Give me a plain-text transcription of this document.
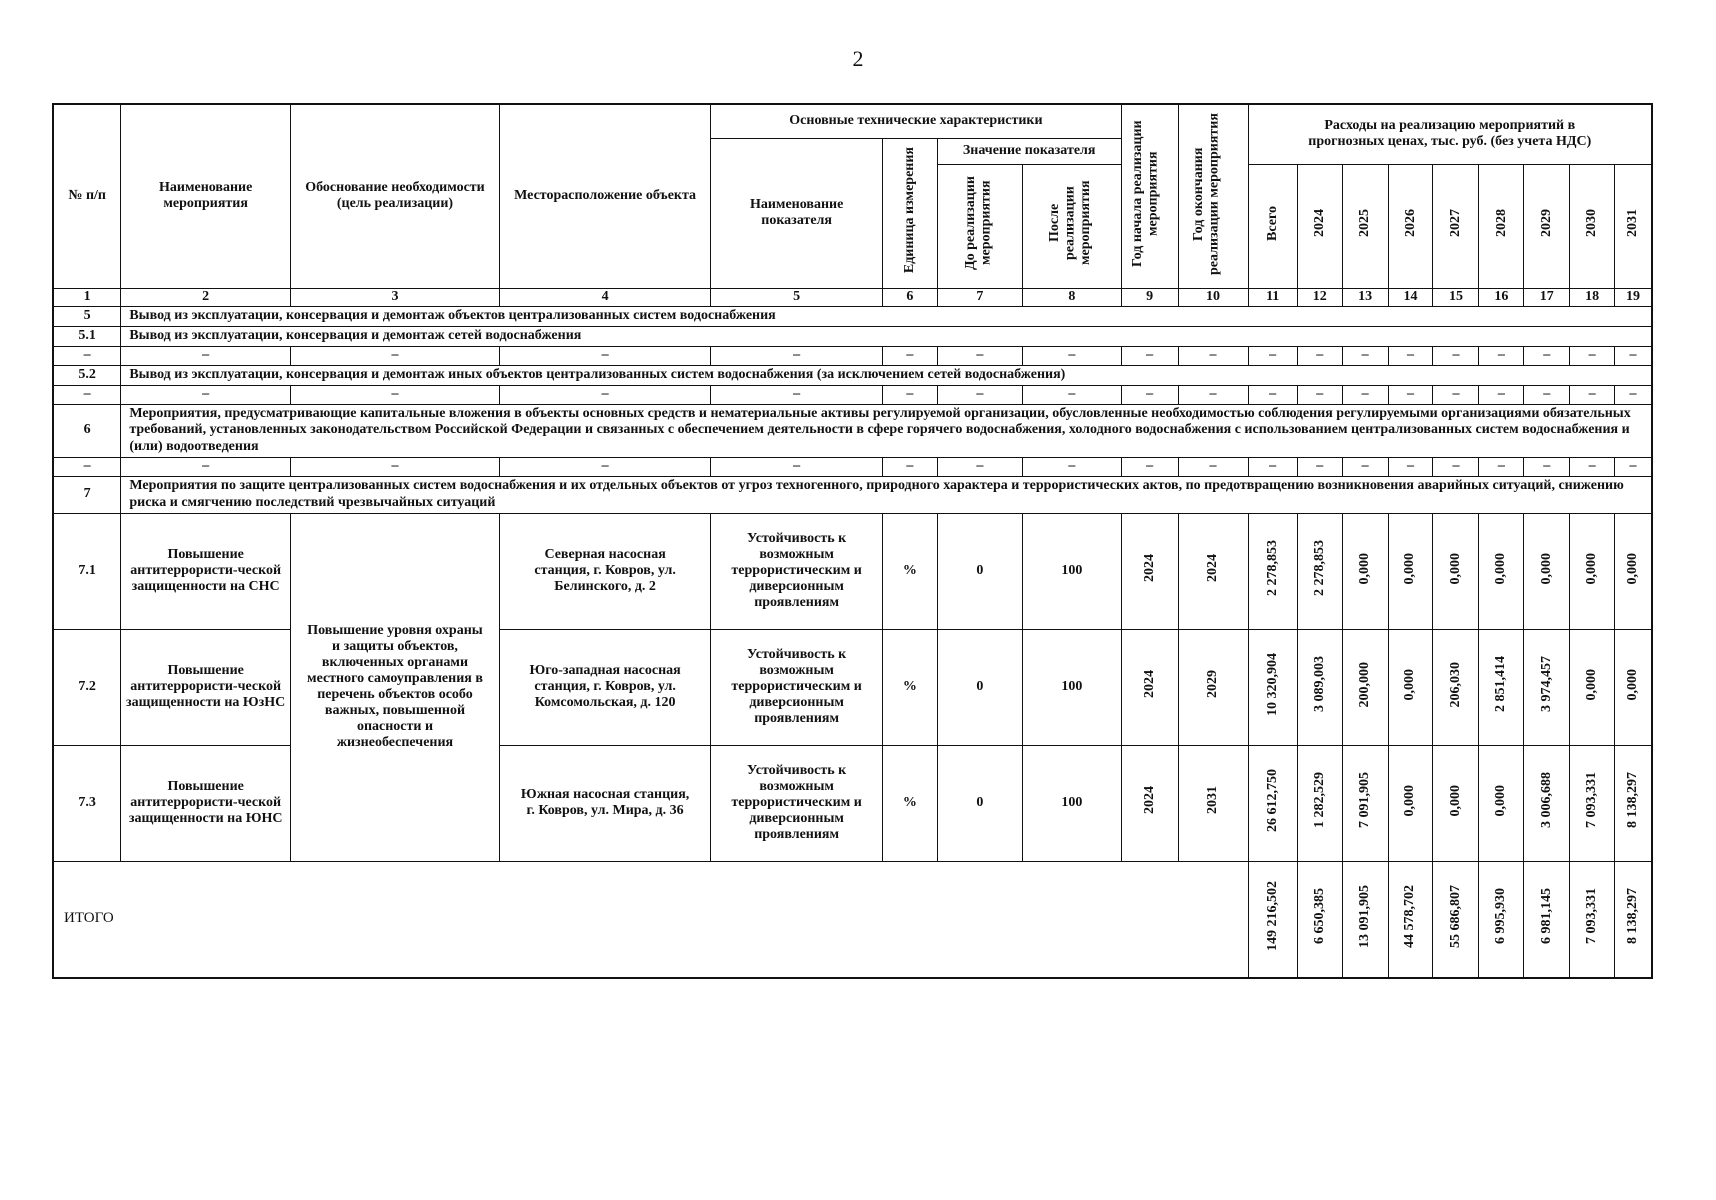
2
№ п/п	Наименование мероприятия	Обоснование необходимости (цель реализации)	Месторасположение объекта	Основные технические характеристики				Год начала реализации мероприятия	Год окончания реализации мероприятия	Расходы на реализацию мероприятий в прогнозных ценах, тыс. руб. (без учета НДС)								
				Наименование показателя	Единица измерения	Значение показателя												
						До реализации мероприятия	После реализации мероприятия			Всего	2024	2025	2026	2027	2028	2029	2030	2031
1	2	3	4	5	6	7	8	9	10	11	12	13	14	15	16	17	18	19
5	Вывод из эксплуатации, консервация и демонтаж объектов централизованных систем водоснабжения																	
5.1	Вывод из эксплуатации, консервация и демонтаж сетей водоснабжения																	
–	–	–	–	–	–	–	–	–	–	–	–	–	–	–	–	–	–	–
5.2	Вывод из эксплуатации, консервация и демонтаж иных объектов централизованных систем водоснабжения (за исключением сетей водоснабжения)																	
–	–	–	–	–	–	–	–	–	–	–	–	–	–	–	–	–	–	–
6	Мероприятия, предусматривающие капитальные вложения в объекты основных средств и нематериальные активы регулируемой организации, обусловленные необходимостью соблюдения регулируемыми организациями обязательных требований, установленных законодательством Российской Федерации и связанных с обеспечением деятельности в сфере горячего водоснабжения, холодного водоснабжения с использованием централизованных систем водоснабжения и (или) водоотведения																	
–	–	–	–	–	–	–	–	–	–	–	–	–	–	–	–	–	–	–
7	Мероприятия по защите централизованных систем водоснабжения и их отдельных объектов от угроз техногенного, природного характера и террористических актов, по предотвращению возникновения аварийных ситуаций, снижению риска и смягчению последствий чрезвычайных ситуаций																	
7.1	Повышение антитеррористи-ческой защищенности на СНС	Повышение уровня охраны и защиты объектов, включенных органами местного самоуправления в перечень объектов особо важных, повышенной опасности и жизнеобеспечения	Северная насосная станция, г. Ковров, ул. Белинского, д. 2	Устойчивость к возможным террористическим и диверсионным проявлениям	%	0	100	2024	2024	2 278,853	2 278,853	0,000	0,000	0,000	0,000	0,000	0,000	0,000
7.2	Повышение антитеррористи-ческой защищенности на ЮзНС		Юго-западная насосная станция, г. Ковров, ул. Комсомольская, д. 120	Устойчивость к возможным террористическим и диверсионным проявлениям	%	0	100	2024	2029	10 320,904	3 089,003	200,000	0,000	206,030	2 851,414	3 974,457	0,000	0,000
7.3	Повышение антитеррористи-ческой защищенности на ЮНС		Южная насосная станция, г. Ковров, ул. Мира, д. 36	Устойчивость к возможным террористическим и диверсионным проявлениям	%	0	100	2024	2031	26 612,750	1 282,529	7 091,905	0,000	0,000	0,000	3 006,688	7 093,331	8 138,297
ИТОГО										149 216,502	6 650,385	13 091,905	44 578,702	55 686,807	6 995,930	6 981,145	7 093,331	8 138,297
